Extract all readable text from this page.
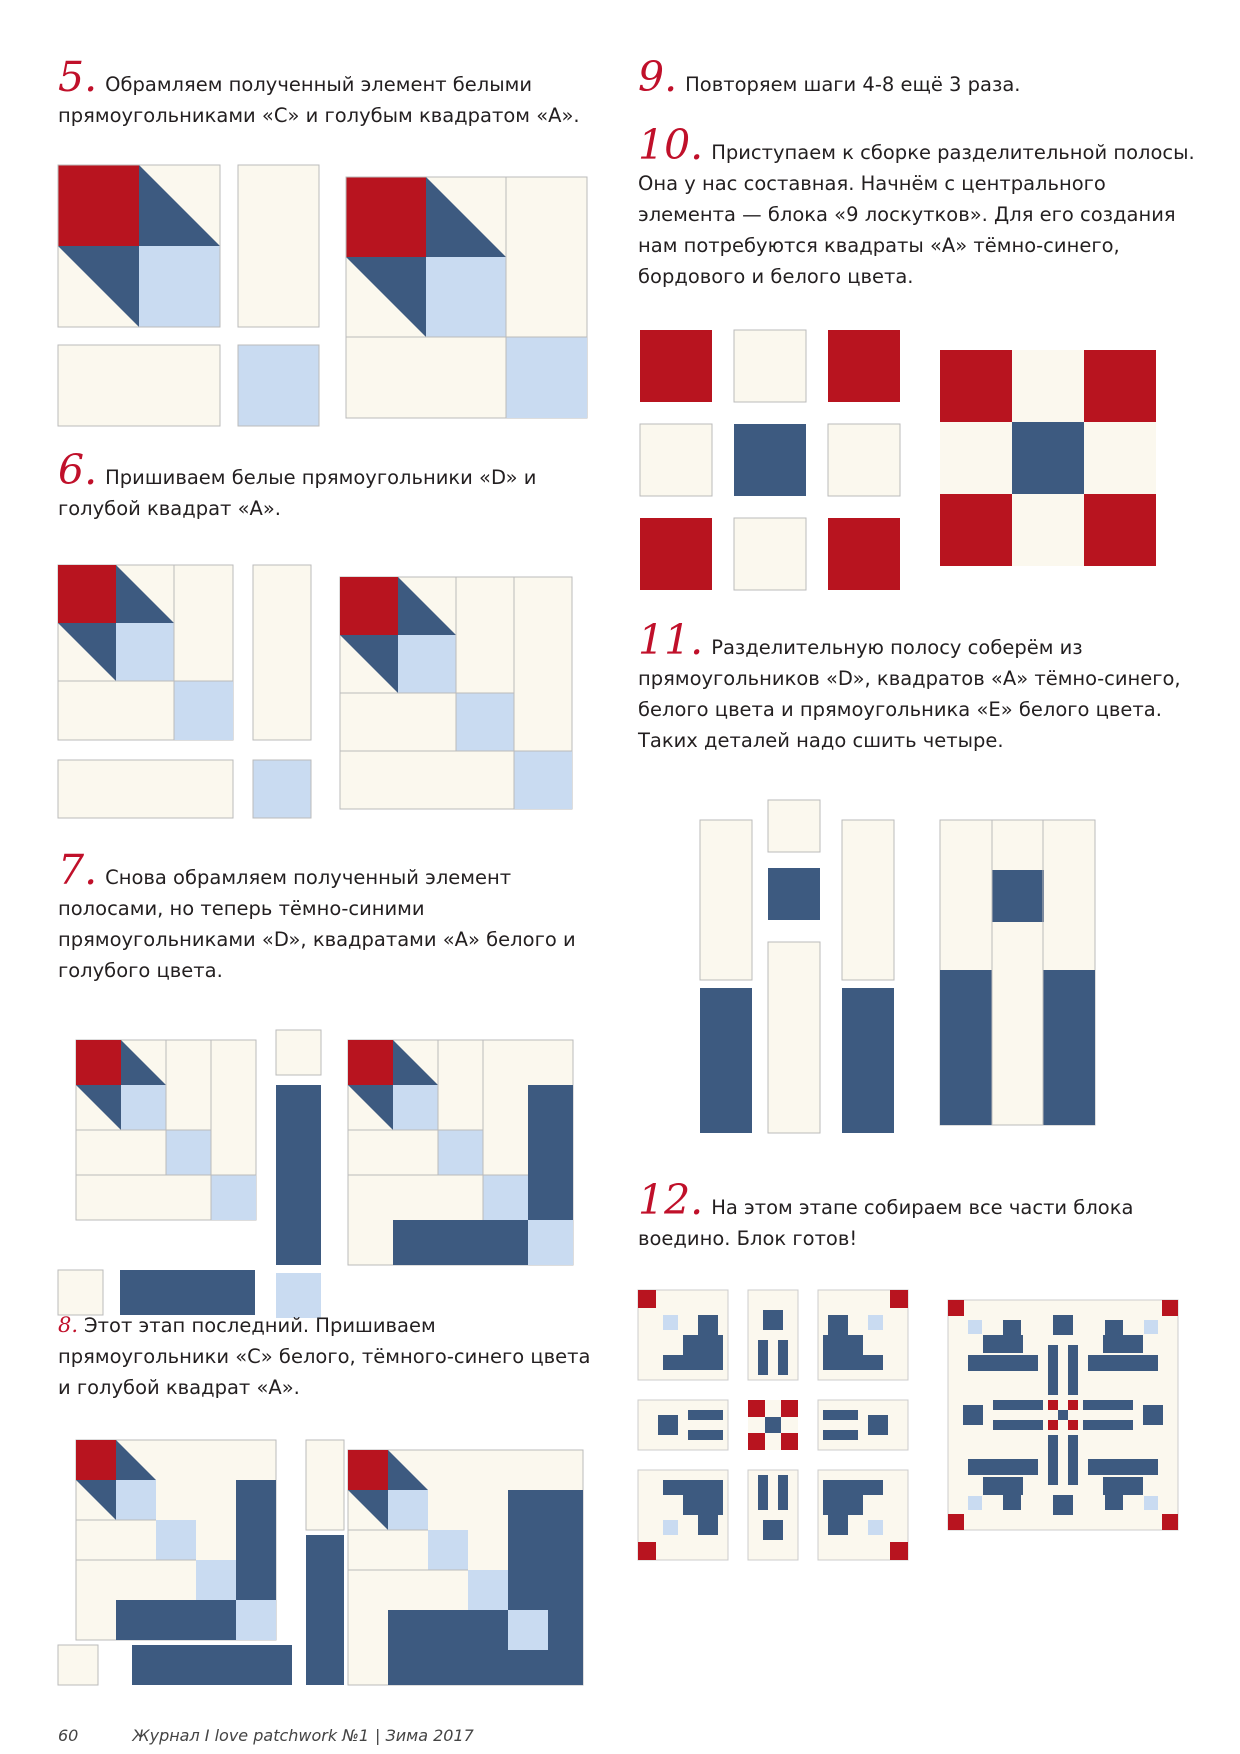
5. Обрамляем полученный элемент белыми прямоугольниками «С» и голубым квадратом «А».
6. Пришиваем белые прямоугольники «D» и голубой квадрат «А».
7. Снова обрамляем полученный элемент полосами, но теперь тёмно-синими прямоугольниками «D», квадратами «А» белого и голубого цвета.
8. Этот этап последний. Пришиваем прямоугольники «С» белого, тёмного-синего цвета и голубой квадрат «А».
9. Повторяем шаги 4-8 ещё 3 раза.
10. Приступаем к сборке разделительной полосы. Она у нас составная. Начнём с центрального элемента — блока «9 лоскутков». Для его создания нам потребуются квадраты «А» тёмно-синего, бордового и белого цвета.
11. Разделительную полосу соберём из прямоугольников «D», квадратов «А» тёмно-синего, белого цвета и прямоугольника «Е» белого цвета. Таких деталей надо сшить четыре.
12. На этом этапе собираем все части блока воедино. Блок готов!
60	Журнал I love patchwork №1 | Зима 2017
